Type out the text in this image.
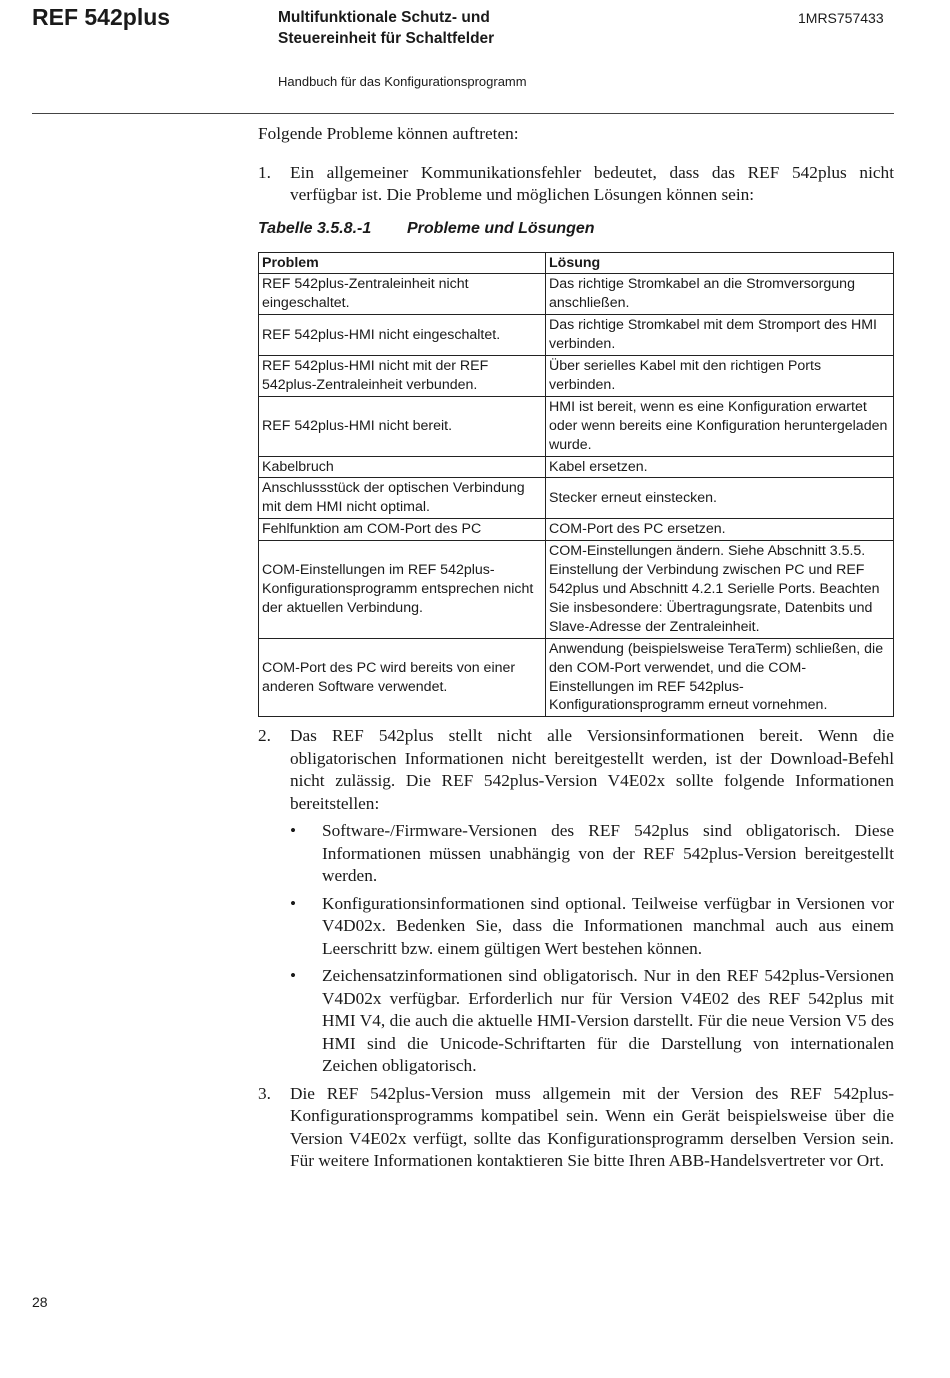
REF 542plus	Multifunktionale Schutz- und
Steuereinheit für Schaltfelder
1MRS757433
Handbuch für das Konfigurationsprogramm

Folgende Probleme können auftreten:

1. Ein allgemeiner Kommunikationsfehler bedeutet, dass das REF 542plus nicht verfügbar ist. Die Probleme und möglichen Lösungen können sein:
Tabelle 3.5.8.-1 Probleme und Lösungen
Problem	Lösung
REF 542plus-Zentraleinheit nicht eingeschaltet.	Das richtige Stromkabel an die Stromversorgung anschließen.
REF 542plus-HMI nicht eingeschaltet.	Das richtige Stromkabel mit dem Stromport des HMI verbinden.
REF 542plus-HMI nicht mit der REF 542plus-Zentraleinheit verbunden.	Über serielles Kabel mit den richtigen Ports verbinden.
REF 542plus-HMI nicht bereit.	HMI ist bereit, wenn es eine Konfiguration erwartet oder wenn bereits eine Konfiguration heruntergeladen wurde.
Kabelbruch	Kabel ersetzen.
Anschlussstück der optischen Verbindung mit dem HMI nicht optimal.	Stecker erneut einstecken.
Fehlfunktion am COM-Port des PC	COM-Port des PC ersetzen.
COM-Einstellungen im REF 542plus-Konfigurationsprogramm entsprechen nicht der aktuellen Verbindung.	COM-Einstellungen ändern. Siehe Abschnitt 3.5.5. Einstellung der Verbindung zwischen PC und REF 542plus und Abschnitt 4.2.1 Serielle Ports. Beachten Sie insbesondere: Übertragungsrate, Datenbits und Slave-Adresse der Zentraleinheit.
COM-Port des PC wird bereits von einer anderen Software verwendet.	Anwendung (beispielsweise TeraTerm) schließen, die den COM-Port verwendet, und die COM-Einstellungen im REF 542plus-Konfigurationsprogramm erneut vornehmen.
2. Das REF 542plus stellt nicht alle Versionsinformationen bereit. Wenn die obligatorischen Informationen nicht bereitgestellt werden, ist der Download-Befehl nicht zulässig. Die REF 542plus-Version V4E02x sollte folgende Informationen bereitstellen:
• Software-/Firmware-Versionen des REF 542plus sind obligatorisch. Diese Informationen müssen unabhängig von der REF 542plus-Version bereitgestellt werden.
• Konfigurationsinformationen sind optional. Teilweise verfügbar in Versionen vor V4D02x. Bedenken Sie, dass die Informationen manchmal auch aus einem Leerschritt bzw. einem gültigen Wert bestehen können.
• Zeichensatzinformationen sind obligatorisch. Nur in den REF 542plus-Versionen V4D02x verfügbar. Erforderlich nur für Version V4E02 des REF 542plus mit HMI V4, die auch die aktuelle HMI-Version darstellt. Für die neue Version V5 des HMI sind die Unicode-Schriftarten für die Darstellung von internationalen Zeichen obligatorisch.
3. Die REF 542plus-Version muss allgemein mit der Version des REF 542plus-Konfigurationsprogramms kompatibel sein. Wenn ein Gerät beispielsweise über die Version V4E02x verfügt, sollte das Konfigurationsprogramm derselben Version sein. Für weitere Informationen kontaktieren Sie bitte Ihren ABB-Handelsvertreter vor Ort.
28
